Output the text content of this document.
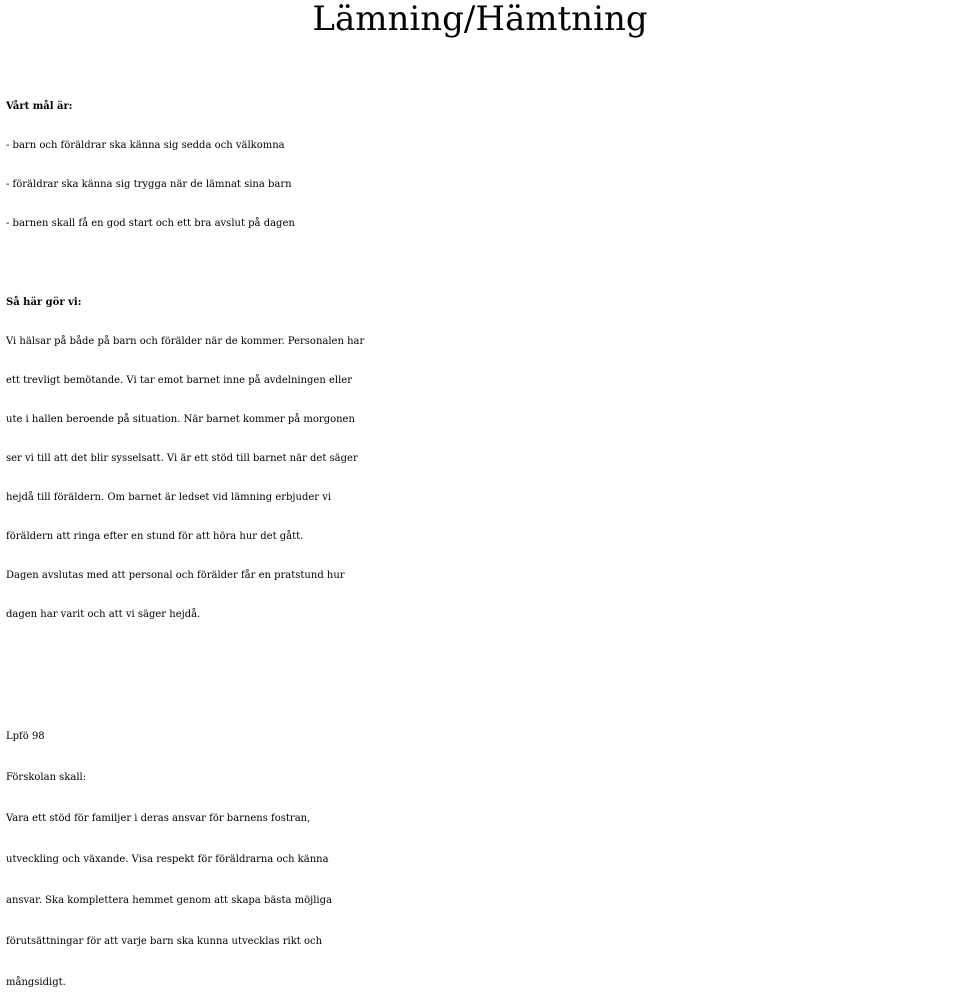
Lämning/Hämtning
Vårt mål är:
- barn och föräldrar ska känna sig sedda och välkomna
- föräldrar ska känna sig trygga när de lämnat sina barn
- barnen skall få en god start och ett bra avslut på dagen
Så här gör vi:
Vi hälsar på både på barn och förälder när de kommer. Personalen har
ett trevligt bemötande. Vi tar emot barnet inne på avdelningen eller
ute i hallen beroende på situation. När barnet kommer på morgonen
ser vi till att det blir sysselsatt. Vi är ett stöd till barnet när det säger
hejdå till föräldern. Om barnet är ledset vid lämning erbjuder vi
föräldern att ringa efter en stund för att höra hur det gått.
Dagen avslutas med att personal och förälder får en pratstund hur
dagen har varit och att vi säger hejdå.
Lpfö 98
Förskolan skall:
Vara ett stöd för familjer i deras ansvar för barnens fostran,
utveckling och växande. Visa respekt för föräldrarna och känna
ansvar. Ska komplettera hemmet genom att skapa bästa möjliga
förutsättningar för att varje barn ska kunna utvecklas rikt och
mångsidigt.
